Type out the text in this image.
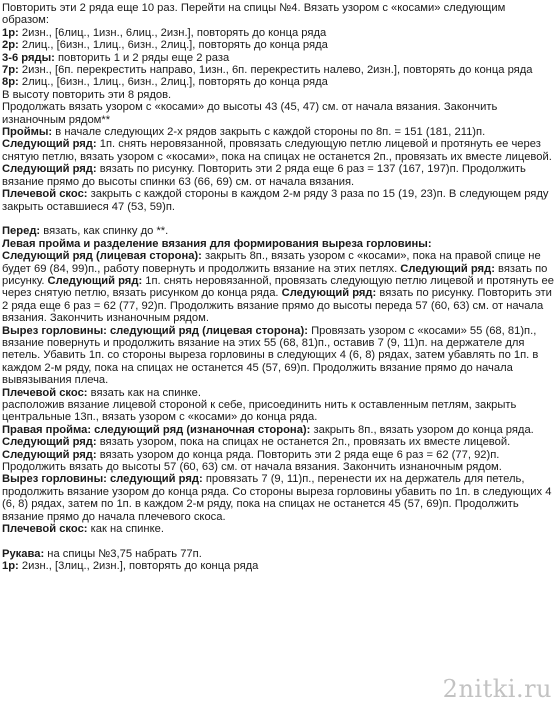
Повторить эти 2 ряда еще 10 раз. Перейти на спицы №4. Вязать узором с «косами» следующим образом:
1р: 2изн., [6лиц., 1изн., 6лиц., 2изн.], повторять до конца ряда
2р: 2лиц., [6изн., 1лиц., 6изн., 2лиц.], повторять до конца ряда
3-6 ряды: повторить 1 и 2 ряды еще 2 раза
7р: 2изн., [6п. перекрестить направо, 1изн., 6п. перекрестить налево, 2изн.], повторять до конца ряда
8р: 2лиц., [6изн., 1лиц., 6изн., 2лиц.], повторять до конца ряда
В высоту повторить эти 8 рядов.
Продолжать вязать узором с «косами» до высоты 43 (45, 47) см. от начала вязания. Закончить изнаночным рядом**
Проймы: в начале следующих 2-х рядов закрыть с каждой стороны по 8п. = 151 (181, 211)п. Следующий ряд: 1п. снять неровязанной, провязать следующую петлю лицевой и протянуть ее через снятую петлю, вязать узором с «косами», пока на спицах не останется 2п., провязать их вместе лицевой. Следующий ряд: вязать по рисунку. Повторить эти 2 ряда еще 6 раз = 137 (167, 197)п. Продолжить вязание прямо до высоты спинки 63 (66, 69) см. от начала вязания.
Плечевой скос: закрыть с каждой стороны в каждом 2-м ряду 3 раза по 15 (19, 23)п. В следующем ряду закрыть оставшиеся 47 (53, 59)п.
Перед: вязать, как спинку до **.
Левая пройма и разделение вязания для формирования выреза горловины:
Следующий ряд (лицевая сторона): закрыть 8п., вязать узором с «косами», пока на правой спице не будет 69 (84, 99)п., работу повернуть и продолжить вязание на этих петлях. Следующий ряд: вязать по рисунку. Следующий ряд: 1п. снять неровязанной, провязать следующую петлю лицевой и протянуть ее через снятую петлю, вязать рисунком до конца ряда. Следующий ряд: вязать по рисунку. Повторить эти 2 ряда еще 6 раз = 62 (77, 92)п. Продолжить вязание прямо до высоты переда 57 (60, 63) см. от начала вязания. Закончить изнаночным рядом.
Вырез горловины: следующий ряд (лицевая сторона): Провязать узором с «косами» 55 (68, 81)п., вязание повернуть и продолжить вязание на этих 55 (68, 81)п., оставив 7 (9, 11)п. на держателе для петель. Убавить 1п. со стороны выреза горловины в следующих 4 (6, 8) рядах, затем убавлять по 1п. в каждом 2-м ряду, пока на спицах не останется 45 (57, 69)п. Продолжить вязание прямо до начала вывязывания плеча.
Плечевой скос: вязать как на спинке.
расположив вязание лицевой стороной к себе, присоединить нить к оставленным петлям, закрыть центральные 13п., вязать узором с «косами» до конца ряда.
Правая пройма: следующий ряд (изнаночная сторона): закрыть 8п., вязать узором до конца ряда. Следующий ряд: вязать узором, пока на спицах не останется 2п., провязать их вместе лицевой. Следующий ряд: вязать узором до конца ряда. Повторить эти 2 ряда еще 6 раз = 62 (77, 92)п. Продолжить вязать до высоты 57 (60, 63) см. от начала вязания. Закончить изнаночным рядом.
Вырез горловины: следующий ряд: провязать 7 (9, 11)п., перенести их на держатель для петель, продолжить вязание узором до конца ряда. Со стороны выреза горловины убавить по 1п. в следующих 4 (6, 8) рядах, затем по 1п. в каждом 2-м ряду, пока на спицах не останется 45 (57, 69)п. Продолжить вязание прямо до начала плечевого скоса.
Плечевой скос: как на спинке.
Рукава: на спицы №3,75 набрать 77п.
1р: 2изн., [3лиц., 2изн.], повторять до конца ряда
2nitki.ru
